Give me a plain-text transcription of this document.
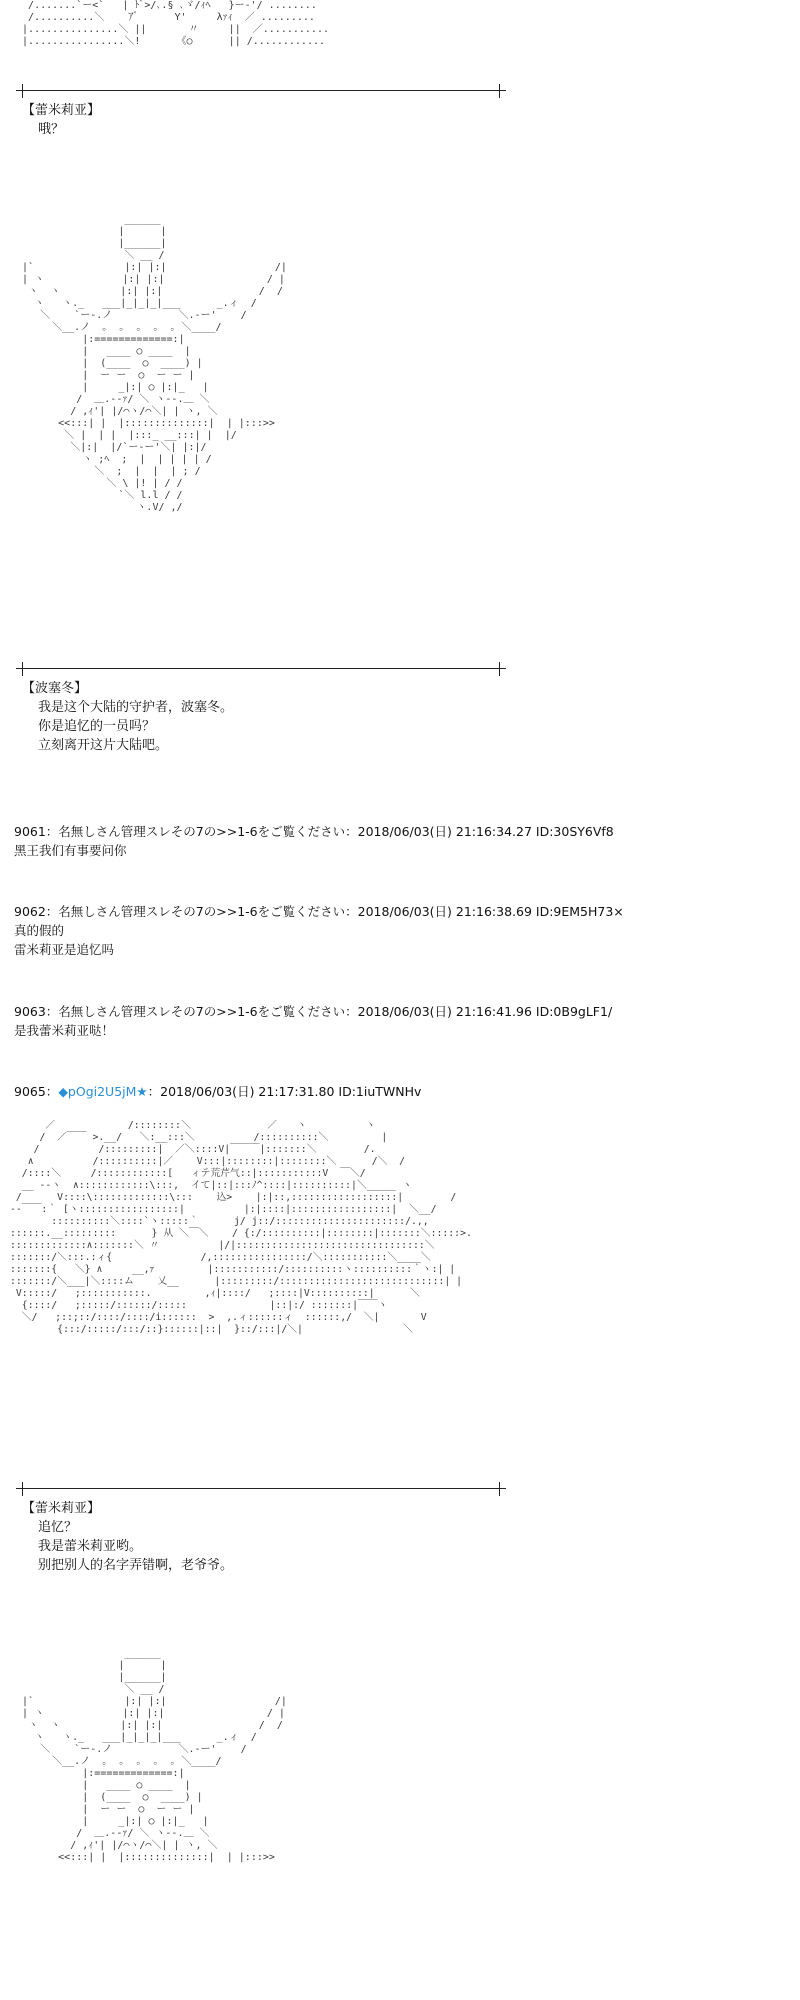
/.......`ー<`   | ﾄﾞ>/､.§ ､ゞ/ｨﾍ   }ー-'/ ........
/..........＼    ｱﾞ      Y'     λｧｨ  ／ .........
|...............＼ ||       〃     ||  ／...........
|................＼!      《○      || /............
【蕾米莉亚】
哦？
______
|      |
|______|
＼ __ /
|`               |:| |:|                  /|
| ヽ             |:| |:|                 / |
ヽ  ヽ          |:| |:|                /  /
ヽ   ヽ._   ___|_|_|_|___      _.ィ  /
＼    `ー-.ノ           ＼.-ー'    /
＼__.ノ  ｡  ｡  ｡  ｡  ｡ ＼____/
|:=============:|
|   ____ ○ ____  |
|  (____  ○  ____) |
|  ー ー  ○  ー ー |
|     _|:| ○ |:|_   |
/  ＿.-‐ｧ/ ＼ ヽ-‐.＿ ＼
/ ,ｨ'| |/⌒ヽ/⌒＼| | ヽ, ＼
<<:::| |  |::::::::::::::|  | |:::>>
＼ |  | |  |:::_ __:::| |  |/
＼|:|  |/`ー-ー'＼| |:|/
ヽ ;ﾍ  ;  |  | | | | /
＼  ;  |  |  | ; /
＼ \ |! | / /
`＼ l.l / /
ヽ.V/ ,/
【波塞冬】
我是这个大陆的守护者，波塞冬。
你是追忆的一员吗？
立刻离开这片大陆吧。
9061：名無しさん管理スレその7の>>1-6をご覧ください：2018/06/03(日) 21:16:34.27 ID:30SY6Vf8
黑王我们有事要问你
9062：名無しさん管理スレその7の>>1-6をご覧ください：2018/06/03(日) 21:16:38.69 ID:9EM5H73×
真的假的
雷米莉亚是追忆吗
9063：名無しさん管理スレその7の>>1-6をご覧ください：2018/06/03(日) 21:16:41.96 ID:0B9gLF1/
是我蕾米莉亚哒！
9065：◆pOgi2U5jM★：2018/06/03(日) 21:17:31.80 ID:1iuTWNHv
／￣￣         /::::::::＼             ／￣￣ヽ          ヽ
/  ／￣￣ >.__/   ＼:__:::＼          /::::::::::＼         |
/          /:::::::::|  ／＼::::V|￣￣￣|:::::::＼        /.
∧          /::::::::::|／    V:::|::::::::|::::::::＼      /＼  /
/::::＼     /::::::::::::[   ィテ荒芹气::|:::::::::::V  ￣＼/
__ -‐ヽ  ∧::::::::::::\:::,  イて|::|:::ﾉ^::::|::::::::::|＼_____ ヽ
/      V::::\:::::::::::::\:::    込>    |:|::,::::::::::::::::::|        /
-‐￣￣:｀ [ヽ:::::::::::::::::|          |:|::::|:::::::::::::::::|  ＼__/
::::::::::＼::::`ヽ:::::｀      j/ j::/::::::::::::::::::::::/.,,
::::::.__:::::::::      } 从 ＼￣＼    / {:/::::::::::|::::::::|:::::::＼:::::>.
:::::::::::::∧:::::::＼ 〃          |/|::::::::::::::::::::::::::::::::＼
:::::::/＼:::.:ィ{               /,::::::::::::::::/＼:::::::::::＼____＼
:::::::{   ＼} ∧     __,ｧ         |:::::::::::/::::::::::ヽ::::::::::｀ヽ:| |
:::::::/＼___|＼::::ム    乂__      |:::::::::/::::::::::::::::::::::::::::| |
V:::::/   ;:::::::::::.         ,ｨ|::::/   ;::::|V::::::::::|      ＼
{::::/   ;:::::/::::::/:::::              |::|:/ :::::::|￣￣ヽ
＼/   ;::;::/::::/::::/i::::::  >  ,.ィ::::::ィ  ::::::,/  ＼|       V
{:::/:::::/:::/::}::::::|::|  }::/:::|/＼|                 ＼
【蕾米莉亚】
追忆？
我是蕾米莉亚哟。
别把别人的名字弄错啊，老爷爷。
______
|      |
|______|
＼ __ /
|`               |:| |:|                  /|
| ヽ             |:| |:|                 / |
ヽ  ヽ          |:| |:|                /  /
ヽ   ヽ._   ___|_|_|_|___      _.ィ  /
＼    `ー-.ノ           ＼.-ー'    /
＼__.ノ  ｡  ｡  ｡  ｡  ｡ ＼____/
|:=============:|
|   ____ ○ ____  |
|  (____  ○  ____) |
|  ー ー  ○  ー ー |
|     _|:| ○ |:|_   |
/  ＿.-‐ｧ/ ＼ ヽ-‐.＿ ＼
/ ,ｨ'| |/⌒ヽ/⌒＼| | ヽ, ＼
<<:::| |  |::::::::::::::|  | |:::>>
